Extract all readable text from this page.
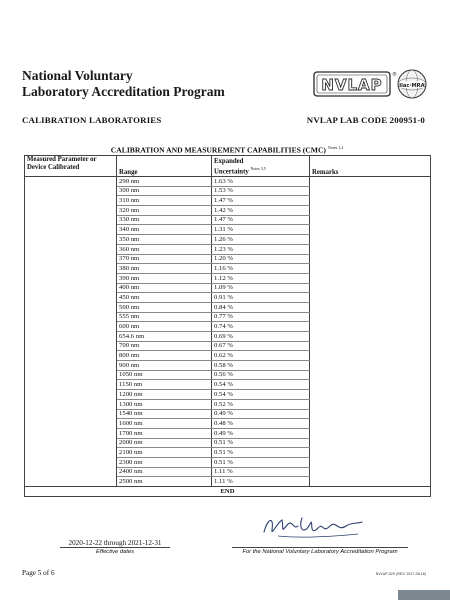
National Voluntary
Laboratory Accreditation Program	NVLAP
®
ilac·MRA
CALIBRATION LABORATORIES	NVLAP LAB CODE 200951-0
CALIBRATION AND MEASUREMENT CAPABILITIES (CMC) $^{Notes 1,2}$
Measured Parameter or
Device Calibrated	Range	Expanded
Uncertainty $^{Notes 3,5}$	Remarks
	290 nm	1.63 %	
	300 nm	1.53 %	
	310 nm	1.47 %	
	320 nm	1.42 %	
	330 nm	1.47 %	
	340 nm	1.31 %	
	350 nm	1.26 %	
	360 nm	1.23 %	
	370 nm	1.20 %	
	380 nm	1.16 %	
	390 nm	1.12 %	
	400 nm	1.09 %	
	450 nm	0.91 %	
	500 nm	0.84 %	
	555 nm	0.77 %	
	600 nm	0.74 %	
	654.6 nm	0.69 %	
	700 nm	0.67 %	
	800 nm	0.62 %	
	900 nm	0.58 %	
	1050 nm	0.56 %	
	1150 nm	0.54 %	
	1200 nm	0.54 %	
	1300 nm	0.52 %	
	1540 nm	0.49 %	
	1600 nm	0.48 %	
	1700 nm	0.49 %	
	2000 nm	0.51 %	
	2100 nm	0.51 %	
	2300 nm	0.51 %	
	2400 nm	1.11 %	
	2500 nm	1.11 %	
END			
2020-12-22 through 2021-12-31
Effective dates	For the National Voluntary Laboratory Accreditation Program
Page 5 of 6	NVLAP-02S (REV. 2017-08-16)
